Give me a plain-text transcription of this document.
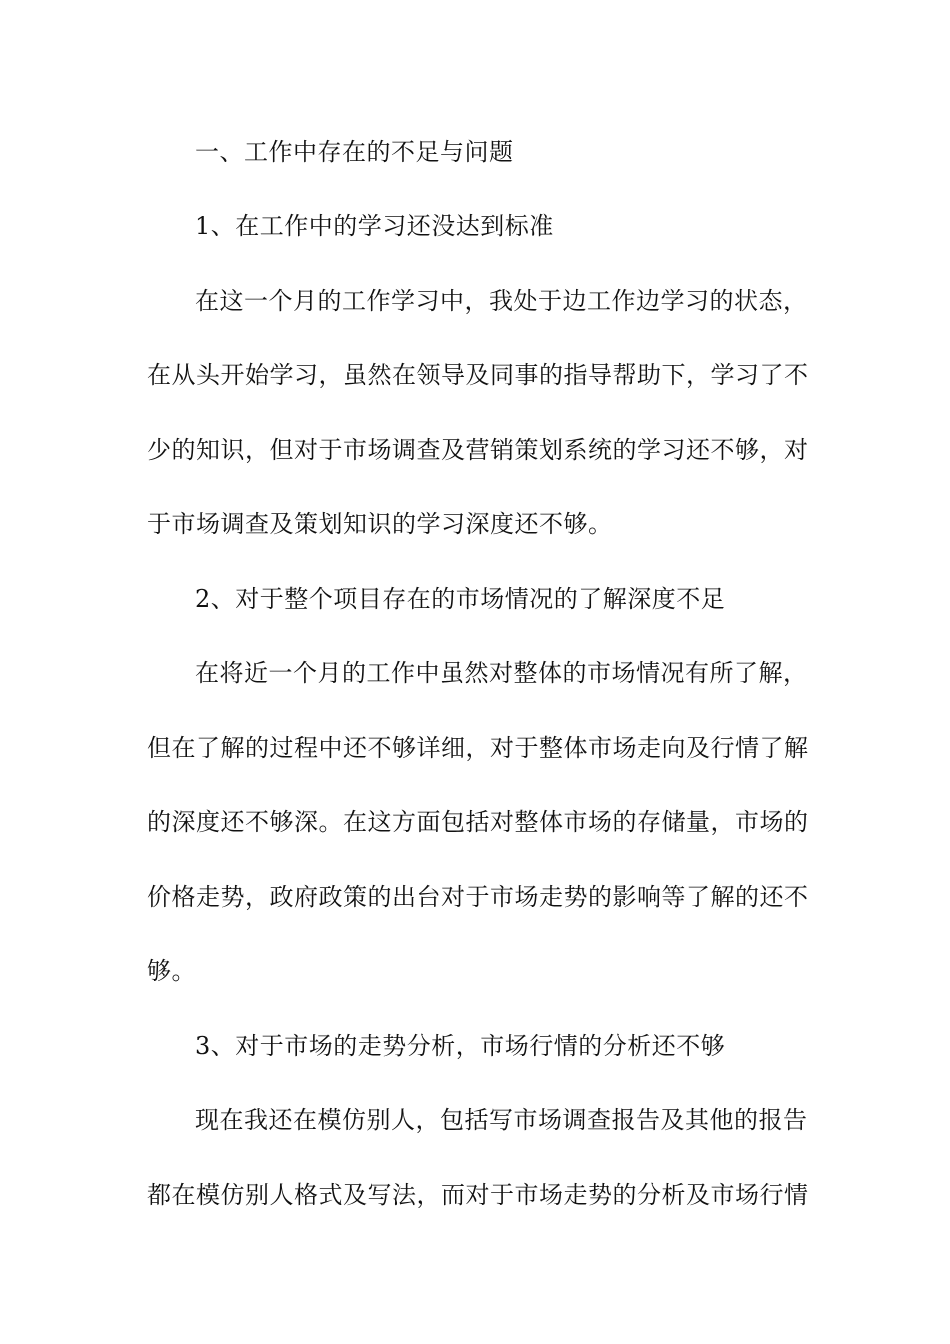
一、工作中存在的不足与问题
1、在工作中的学习还没达到标准
在这一个月的工作学习中，我处于边工作边学习的状态，
在从头开始学习，虽然在领导及同事的指导帮助下，学习了不
少的知识，但对于市场调查及营销策划系统的学习还不够，对
于市场调查及策划知识的学习深度还不够。
2、对于整个项目存在的市场情况的了解深度不足
在将近一个月的工作中虽然对整体的市场情况有所了解，
但在了解的过程中还不够详细，对于整体市场走向及行情了解
的深度还不够深。在这方面包括对整体市场的存储量，市场的
价格走势，政府政策的出台对于市场走势的影响等了解的还不
够。
3、对于市场的走势分析，市场行情的分析还不够
现在我还在模仿别人，包括写市场调查报告及其他的报告
都在模仿别人格式及写法，而对于市场走势的分析及市场行情
